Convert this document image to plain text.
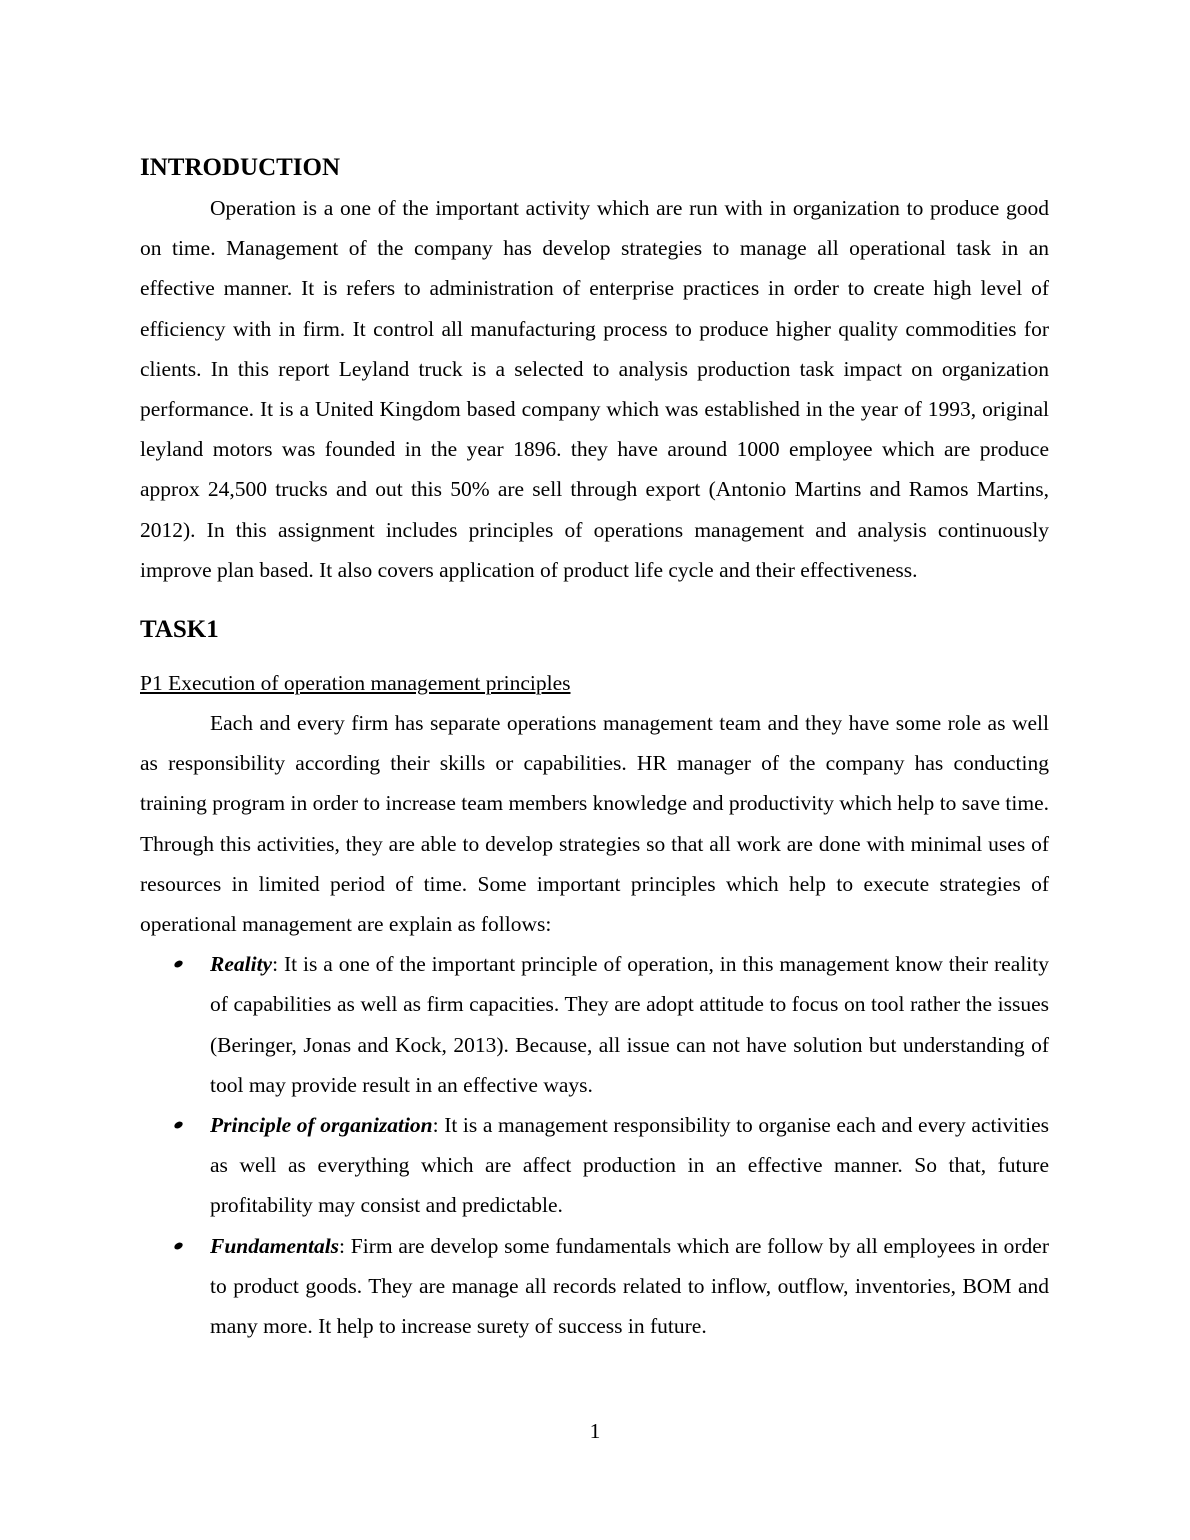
INTRODUCTION

Operation is a one of the important activity which are run with in organization to produce good on time. Management of the company has develop strategies to manage all operational task in an effective manner. It is refers to administration of enterprise practices in order to create high level of efficiency with in firm. It control all manufacturing process to produce higher quality commodities for clients. In this report Leyland truck is a selected to analysis production task impact on organization performance. It is a United Kingdom based company which was established in the year of 1993, original leyland motors was founded in the year 1896. they have around 1000 employee which are produce approx 24,500 trucks and out this 50% are sell through export (Antonio Martins and Ramos Martins, 2012). In this assignment includes principles of operations management and analysis continuously improve plan based. It also covers application of product life cycle and their effectiveness.

TASK1

P1 Execution of operation management principles

Each and every firm has separate operations management team and they have some role as well as responsibility according their skills or capabilities. HR manager of the company has conducting training program in order to increase team members knowledge and productivity which help to save time. Through this activities, they are able to develop strategies so that all work are done with minimal uses of resources in limited period of time. Some important principles which help to execute strategies of operational management are explain as follows:

Reality: It is a one of the important principle of operation, in this management know their reality of capabilities as well as firm capacities. They are adopt attitude to focus on tool rather the issues (Beringer, Jonas and Kock, 2013). Because, all issue can not have solution but understanding of tool may provide result in an effective ways.
Principle of organization: It is a management responsibility to organise each and every activities as well as everything which are affect production in an effective manner. So that, future profitability may consist and predictable.
Fundamentals: Firm are develop some fundamentals which are follow by all employees in order to product goods. They are manage all records related to inflow, outflow, inventories, BOM and many more. It help to increase surety of success in future.
1
